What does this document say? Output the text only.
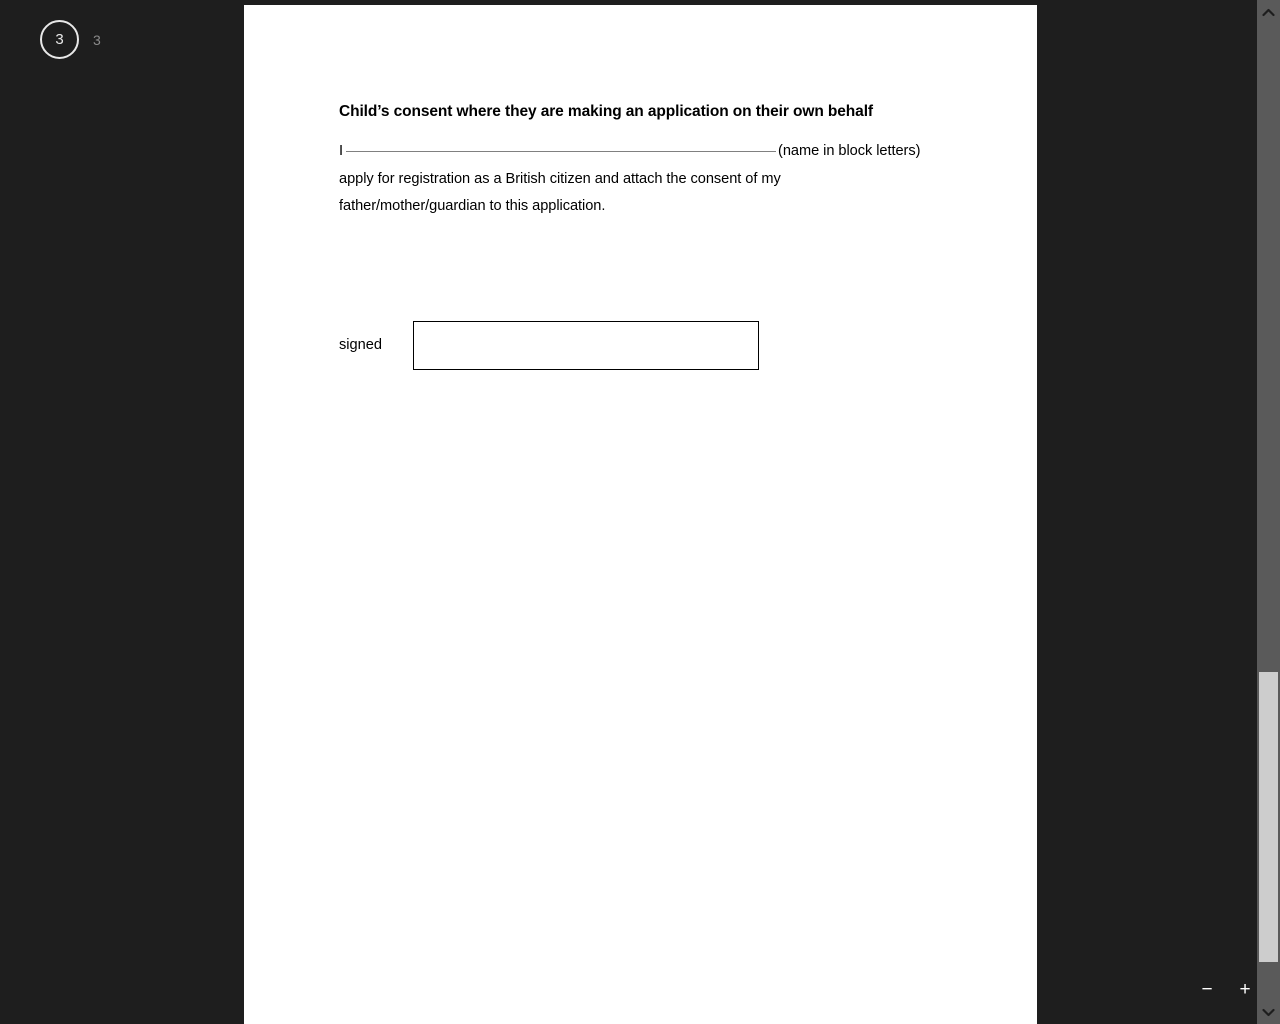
3 3
Child’s consent where they are making an application on their own behalf
I	(name in block letters)
apply for registration as a British citizen and attach the consent of my
father/mother/guardian to this application.
signed
− +
